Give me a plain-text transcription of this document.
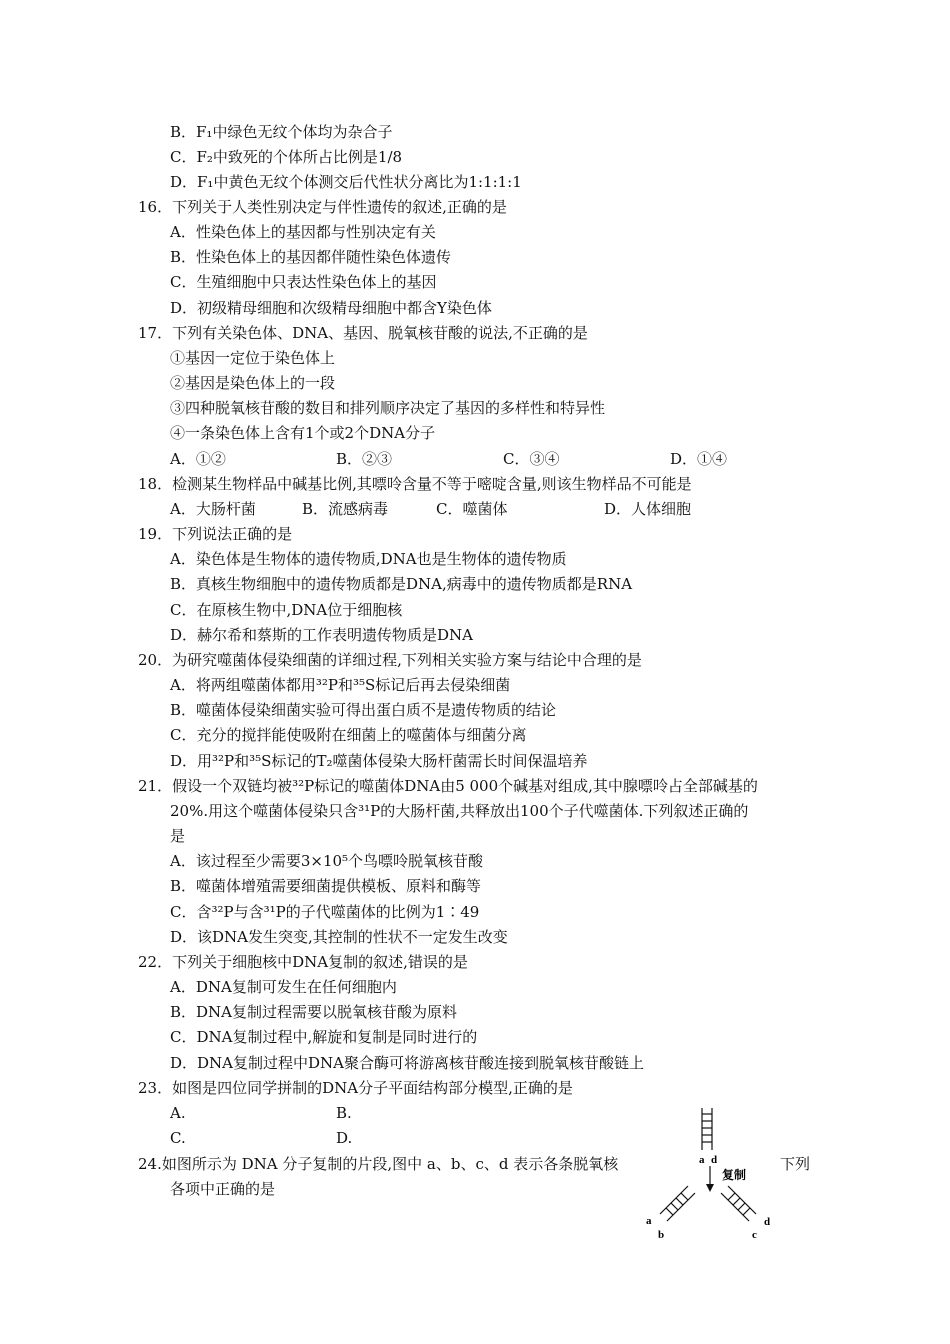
B．F₁中绿色无纹个体均为杂合子
C．F₂中致死的个体所占比例是1/8
D．F₁中黄色无纹个体测交后代性状分离比为1:1:1:1
16．下列关于人类性别决定与伴性遗传的叙述,正确的是
A．性染色体上的基因都与性别决定有关
B．性染色体上的基因都伴随性染色体遗传
C．生殖细胞中只表达性染色体上的基因
D．初级精母细胞和次级精母细胞中都含Y染色体
17．下列有关染色体、DNA、基因、脱氧核苷酸的说法,不正确的是
①基因一定位于染色体上
②基因是染色体上的一段
③四种脱氧核苷酸的数目和排列顺序决定了基因的多样性和特异性
④一条染色体上含有1个或2个DNA分子
A．①②	B．②③	C．③④	D．①④
18．检测某生物样品中碱基比例,其嘌呤含量不等于嘧啶含量,则该生物样品不可能是
A．大肠杆菌	B．流感病毒	C．噬菌体	D．人体细胞
19．下列说法正确的是
A．染色体是生物体的遗传物质,DNA也是生物体的遗传物质
B．真核生物细胞中的遗传物质都是DNA,病毒中的遗传物质都是RNA
C．在原核生物中,DNA位于细胞核
D．赫尔希和蔡斯的工作表明遗传物质是DNA
20．为研究噬菌体侵染细菌的详细过程,下列相关实验方案与结论中合理的是
A．将两组噬菌体都用³²P和³⁵S标记后再去侵染细菌
B．噬菌体侵染细菌实验可得出蛋白质不是遗传物质的结论
C．充分的搅拌能使吸附在细菌上的噬菌体与细菌分离
D．用³²P和³⁵S标记的T₂噬菌体侵染大肠杆菌需长时间保温培养
21．假设一个双链均被³²P标记的噬菌体DNA由5 000个碱基对组成,其中腺嘌呤占全部碱基的
20%.用这个噬菌体侵染只含³¹P的大肠杆菌,共释放出100个子代噬菌体.下列叙述正确的
是
A．该过程至少需要3×10⁵个鸟嘌呤脱氧核苷酸
B．噬菌体增殖需要细菌提供模板、原料和酶等
C．含³²P与含³¹P的子代噬菌体的比例为1∶49
D．该DNA发生突变,其控制的性状不一定发生改变
22．下列关于细胞核中DNA复制的叙述,错误的是
A．DNA复制可发生在任何细胞内
B．DNA复制过程需要以脱氧核苷酸为原料
C．DNA复制过程中,解旋和复制是同时进行的
D．DNA复制过程中DNA聚合酶可将游离核苷酸连接到脱氧核苷酸链上
23．如图是四位同学拼制的DNA分子平面结构部分模型,正确的是
A.	B.
C.	D.
24.如图所示为 DNA 分子复制的片段,图中 a、b、c、d 表示各条脱氧核	下列
各项中正确的是
a d
复制
a
b	c
d
